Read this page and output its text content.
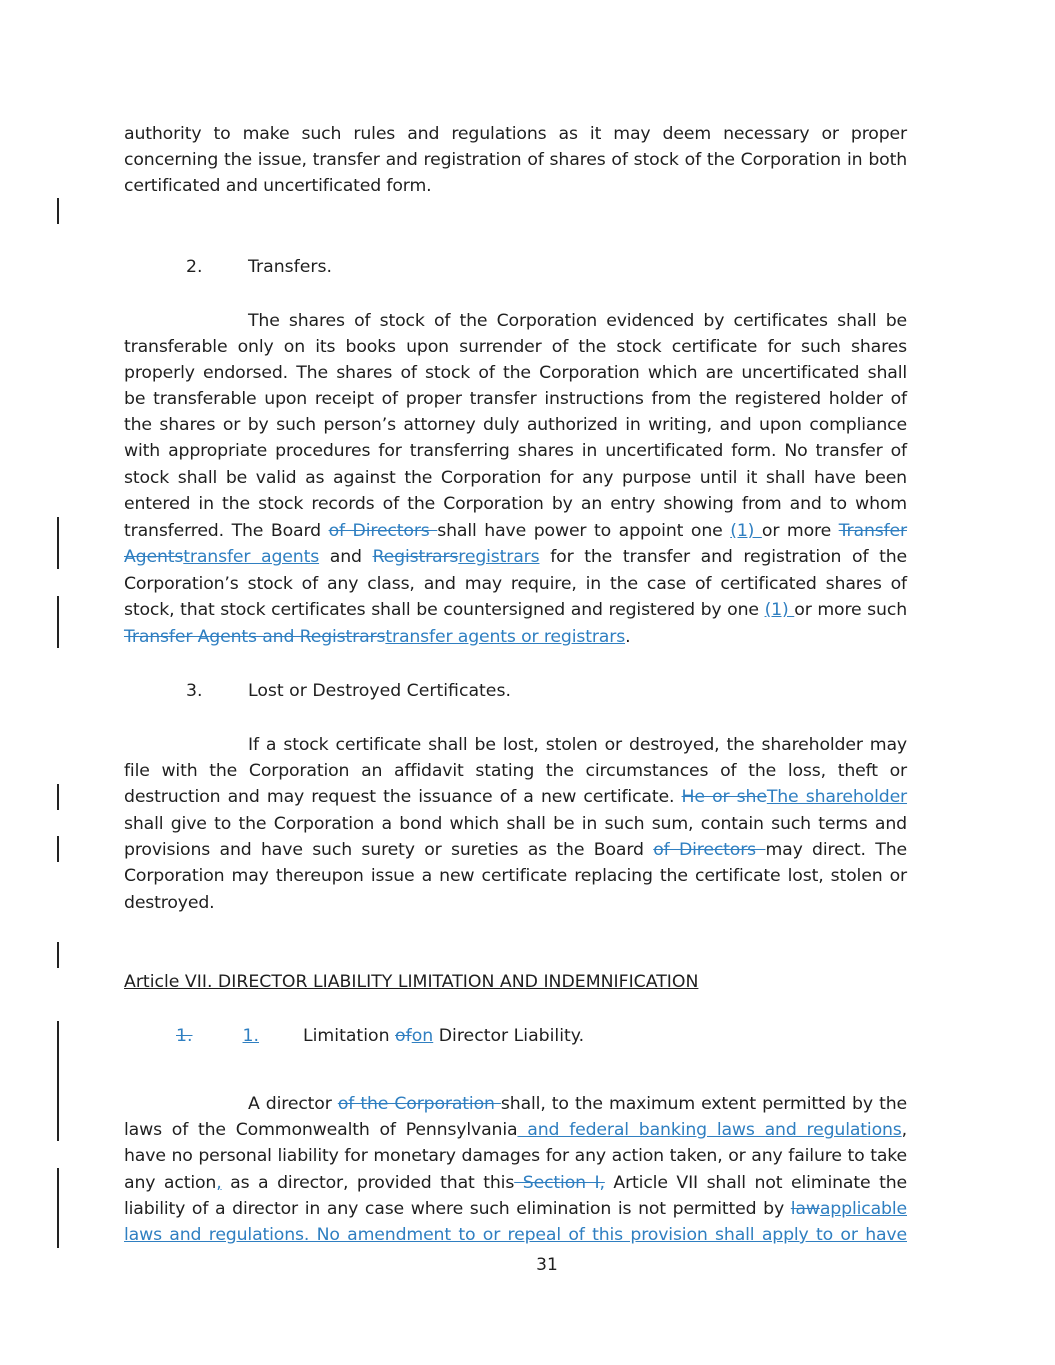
authority to make such rules and regulations as it may deem necessary or proper
concerning the issue, transfer and registration of shares of stock of the Corporation in both
certificated and uncertificated form.
2.	Transfers.
The shares of stock of the Corporation evidenced by certificates shall be
transferable only on its books upon surrender of the stock certificate for such shares
properly endorsed. The shares of stock of the Corporation which are uncertificated shall
be transferable upon receipt of proper transfer instructions from the registered holder of
the shares or by such person’s attorney duly authorized in writing, and upon compliance
with appropriate procedures for transferring shares in uncertificated form. No transfer of
stock shall be valid as against the Corporation for any purpose until it shall have been
entered in the stock records of the Corporation by an entry showing from and to whom
transferred. The Board of Directors shall have power to appoint one (1) or more Transfer
Agentstransfer agents and Registrarsregistrars for the transfer and registration of the
Corporation’s stock of any class, and may require, in the case of certificated shares of
stock, that stock certificates shall be countersigned and registered by one (1) or more such
Transfer Agents and Registrarstransfer agents or registrars.
3.	Lost or Destroyed Certificates.
If a stock certificate shall be lost, stolen or destroyed, the shareholder may
file with the Corporation an affidavit stating the circumstances of the loss, theft or
destruction and may request the issuance of a new certificate. He or sheThe shareholder
shall give to the Corporation a bond which shall be in such sum, contain such terms and
provisions and have such surety or sureties as the Board of Directors may direct. The
Corporation may thereupon issue a new certificate replacing the certificate lost, stolen or
destroyed.
Article VII. DIRECTOR LIABILITY LIMITATION AND INDEMNIFICATION
1.	1.	Limitation ofon Director Liability.
A director of the Corporation shall, to the maximum extent permitted by the
laws of the Commonwealth of Pennsylvania and federal banking laws and regulations,
have no personal liability for monetary damages for any action taken, or any failure to take
any action, as a director, provided that this Section I, Article VII shall not eliminate the
liability of a director in any case where such elimination is not permitted by lawapplicable
laws and regulations. No amendment to or repeal of this provision shall apply to or have
31
